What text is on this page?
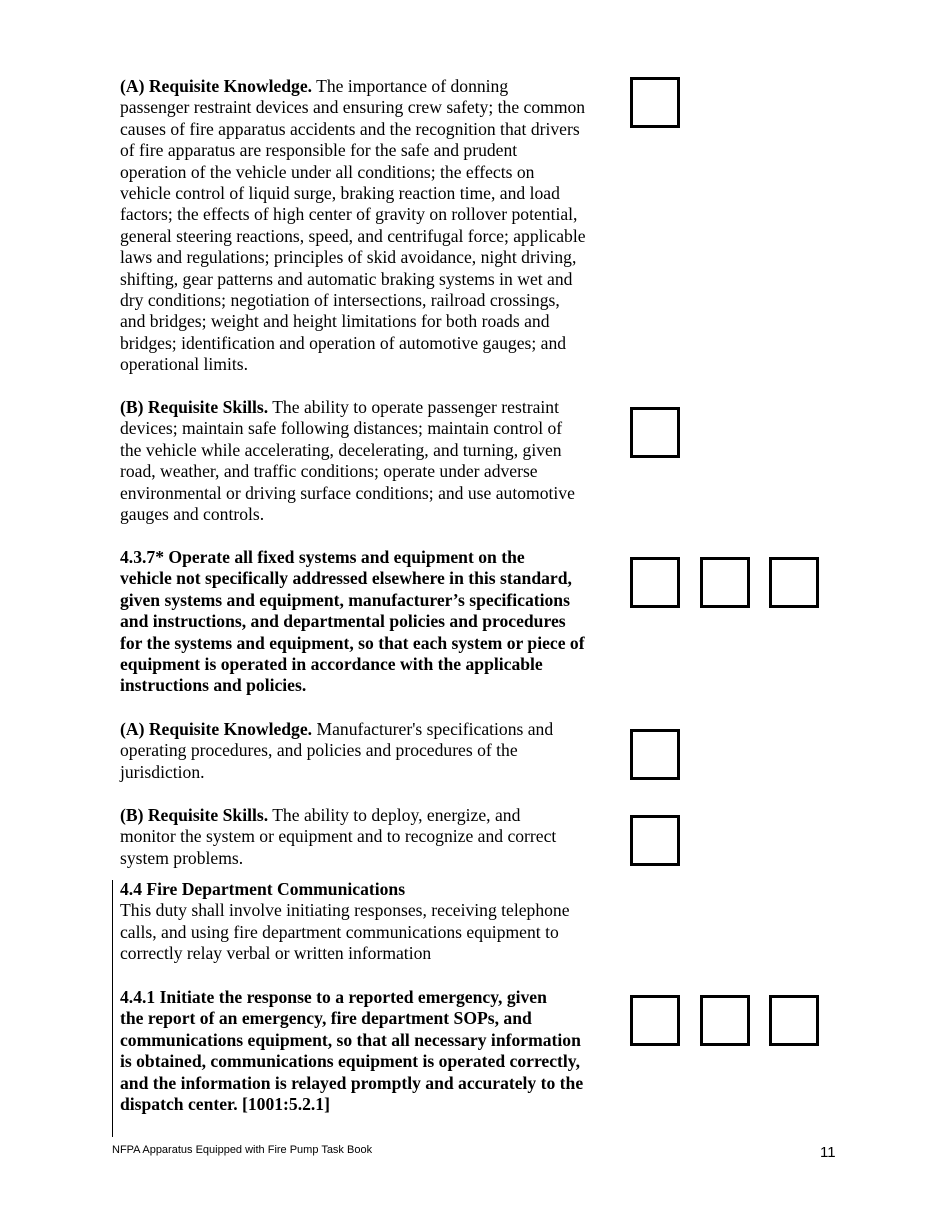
(A) Requisite Knowledge. The importance of donning
passenger restraint devices and ensuring crew safety; the common
causes of fire apparatus accidents and the recognition that drivers
of fire apparatus are responsible for the safe and prudent
operation of the vehicle under all conditions; the effects on
vehicle control of liquid surge, braking reaction time, and load
factors; the effects of high center of gravity on rollover potential,
general steering reactions, speed, and centrifugal force; applicable
laws and regulations; principles of skid avoidance, night driving,
shifting, gear patterns and automatic braking systems in wet and
dry conditions; negotiation of intersections, railroad crossings,
and bridges; weight and height limitations for both roads and
bridges; identification and operation of automotive gauges; and
operational limits.
(B) Requisite Skills. The ability to operate passenger restraint
devices; maintain safe following distances; maintain control of
the vehicle while accelerating, decelerating, and turning, given
road, weather, and traffic conditions; operate under adverse
environmental or driving surface conditions; and use automotive
gauges and controls.
4.3.7* Operate all fixed systems and equipment on the
vehicle not specifically addressed elsewhere in this standard,
given systems and equipment, manufacturer’s specifications
and instructions, and departmental policies and procedures
for the systems and equipment, so that each system or piece of
equipment is operated in accordance with the applicable
instructions and policies.
(A) Requisite Knowledge. Manufacturer's specifications and
operating procedures, and policies and procedures of the
jurisdiction.
(B) Requisite Skills. The ability to deploy, energize, and
monitor the system or equipment and to recognize and correct
system problems.
4.4 Fire Department Communications
This duty shall involve initiating responses, receiving telephone
calls, and using fire department communications equipment to
correctly relay verbal or written information
4.4.1 Initiate the response to a reported emergency, given
the report of an emergency, fire department SOPs, and
communications equipment, so that all necessary information
is obtained, communications equipment is operated correctly,
and the information is relayed promptly and accurately to the
dispatch center. [1001:5.2.1]
NFPA Apparatus Equipped with Fire Pump Task Book	11
